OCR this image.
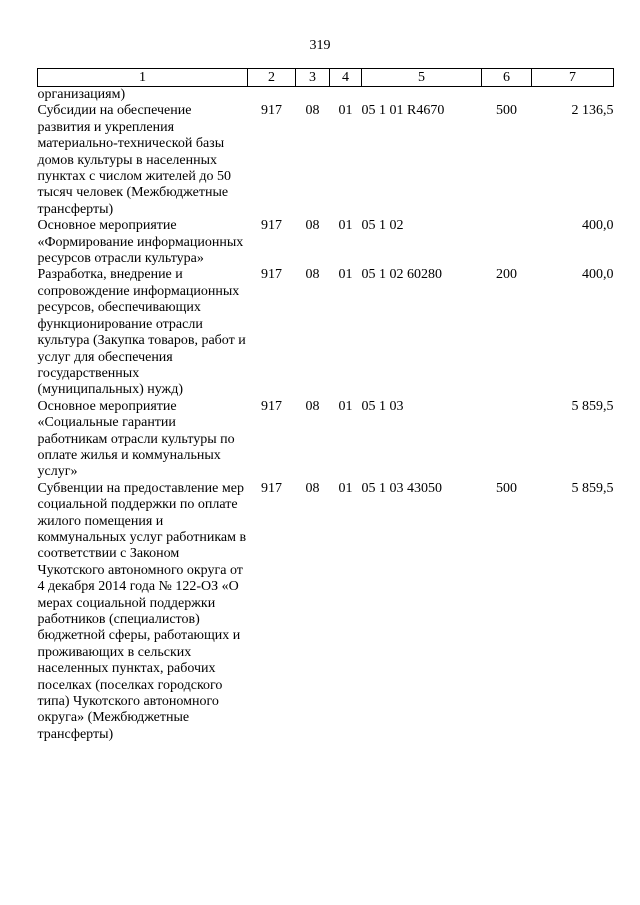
319
1	2	3	4	5	6	7
организациям)						
Субсидии на обеспечение развития и укрепления материально-технической базы домов культуры в населенных пунктах с числом жителей до 50 тысяч человек (Межбюджетные трансферты)	917	08	01	05 1 01 R4670	500	2 136,5
Основное мероприятие «Формирование информационных ресурсов отрасли культура»	917	08	01	05 1 02		400,0
Разработка, внедрение и сопровождение информационных ресурсов, обеспечивающих функционирование отрасли культура (Закупка товаров, работ и услуг для обеспечения государственных (муниципальных) нужд)	917	08	01	05 1 02 60280	200	400,0
Основное мероприятие «Социальные гарантии работникам отрасли культуры по оплате жилья и коммунальных услуг»	917	08	01	05 1 03		5 859,5
Субвенции на предоставление мер социальной поддержки по оплате жилого помещения и коммунальных услуг работникам в соответствии с Законом Чукотского автономного округа от 4 декабря 2014 года № 122-ОЗ «О мерах социальной поддержки работников (специалистов) бюджетной сферы, работающих и проживающих в сельских населенных пунктах, рабочих поселках (поселках городского типа) Чукотского автономного округа» (Межбюджетные трансферты)	917	08	01	05 1 03 43050	500	5 859,5
